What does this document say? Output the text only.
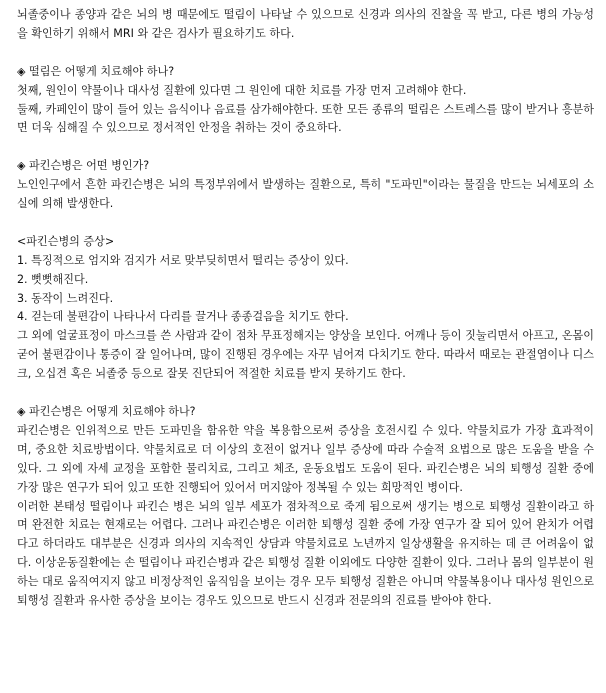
뇌졸중이나 종양과 같은 뇌의 병 때문에도 떨림이 나타날 수 있으므로 신경과 의사의 진찰을 꼭 받고, 다른 병의 가능성을 확인하기 위해서 MRI 와 같은 검사가 필요하기도 하다.

◈ 떨림은 어떻게 치료해야 하나?

첫째, 원인이 약물이나 대사성 질환에 있다면 그 원인에 대한 치료를 가장 먼저 고려해야 한다.

둘째, 카페인이 많이 들어 있는 음식이나 음료를 삼가해야한다. 또한 모든 종류의 떨림은 스트레스를 많이 받거나 흥분하면 더욱 심해질 수 있으므로 정서적인 안정을 취하는 것이 중요하다.

◈ 파킨슨병은 어떤 병인가?

노인인구에서 흔한 파킨슨병은 뇌의 특정부위에서 발생하는 질환으로, 특히 "도파민"이라는 물질을 만드는 뇌세포의 소실에 의해 발생한다.

<파킨슨병의 증상>

1. 특징적으로 엄지와 검지가 서로 맞부딪히면서 떨리는 증상이 있다.

2. 뻣뻣해진다.

3. 동작이 느려진다.

4. 걷는데 불편감이 나타나서 다리를 끌거나 종종걸음을 치기도 한다.

그 외에 얼굴표정이 마스크를 쓴 사람과 같이 점차 무표정해지는 양상을 보인다. 어깨나 등이 짓눌리면서 아프고, 온몸이 굳어 불편감이나 통증이 잘 일어나며, 많이 진행된 경우에는 자꾸 넘어져 다치기도 한다. 따라서 때로는 관절염이나 디스크, 오십견 혹은 뇌졸중 등으로 잘못 진단되어 적절한 치료를 받지 못하기도 한다.

◈ 파킨슨병은 어떻게 치료해야 하나?

파킨슨병은 인위적으로 만든 도파민을 함유한 약을 복용함으로써 증상을 호전시킬 수 있다. 약물치료가 가장 효과적이며, 중요한 치료방법이다. 약물치료로 더 이상의 호전이 없거나 일부 증상에 따라 수술적 요법으로 많은 도움을 받을 수 있다. 그 외에 자세 교정을 포함한 물리치료, 그리고 체조, 운동요법도 도움이 된다. 파킨슨병은 뇌의 퇴행성 질환 중에 가장 많은 연구가 되어 있고 또한 진행되어 있어서 머지않아 정복될 수 있는 희망적인 병이다.

이러한 본태성 떨림이나 파킨슨 병은 뇌의 일부 세포가 점차적으로 죽게 됨으로써 생기는 병으로 퇴행성 질환이라고 하며 완전한 치료는 현재로는 어렵다. 그러나 파킨슨병은 이러한 퇴행성 질환 중에 가장 연구가 잘 되어 있어 완치가 어렵다고 하더라도 대부분은 신경과 의사의 지속적인 상담과 약물치료로 노년까지 일상생활을 유지하는 데 큰 어려움이 없다. 이상운동질환에는 손 떨림이나 파킨슨병과 같은 퇴행성 질환 이외에도 다양한 질환이 있다. 그러나 몸의 일부분이 원하는 대로 움직여지지 않고 비정상적인 움직임을 보이는 경우 모두 퇴행성 질환은 아니며 약물복용이나 대사성 원인으로 퇴행성 질환과 유사한 증상을 보이는 경우도 있으므로 반드시 신경과 전문의의 진료를 받아야 한다.
